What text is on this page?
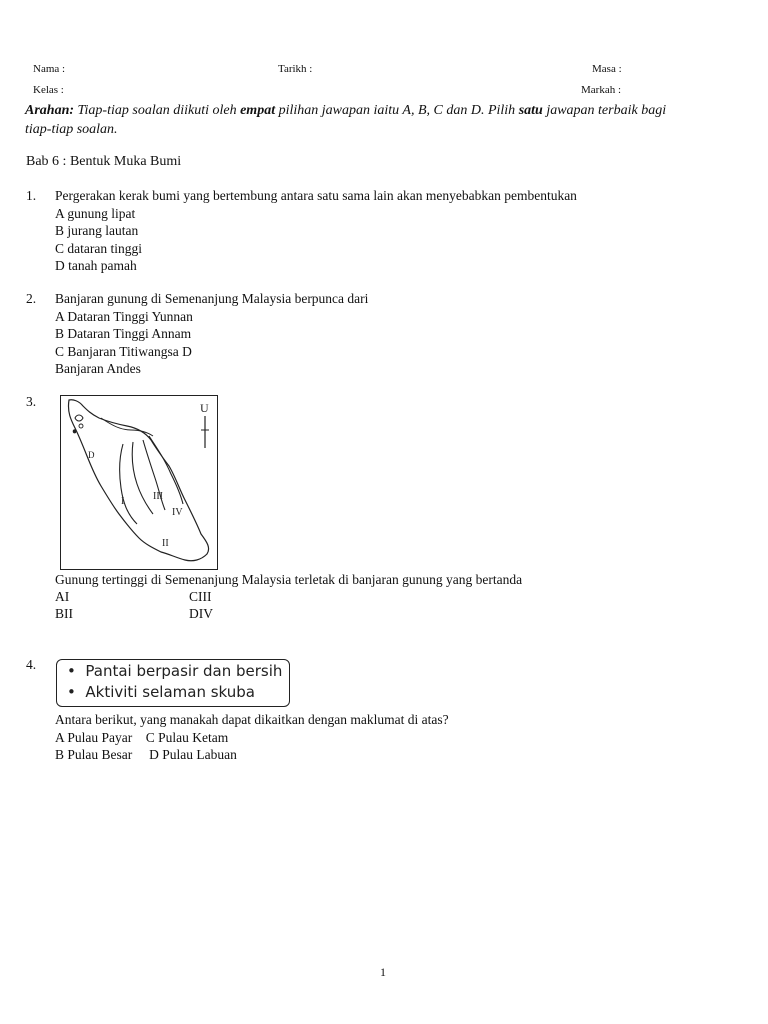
Nama :	Tarikh :	Masa :
Kelas :	Markah :
Arahan: Tiap-tiap soalan diikuti oleh empat pilihan jawapan iaitu A, B, C dan D. Pilih satu jawapan terbaik bagi
tiap-tiap soalan.
Bab 6 : Bentuk Muka Bumi
1. Pergerakan kerak bumi yang bertembung antara satu sama lain akan menyebabkan pembentukan
A gunung lipat
B jurang lautan
C dataran tinggi
D tanah pamah
2. Banjaran gunung di Semenanjung Malaysia berpunca dari
A Dataran Tinggi Yunnan
B Dataran Tinggi Annam
C Banjaran Titiwangsa D
Banjaran Andes
3.	U
I
II
III
IV
D
Gunung tertinggi di Semenanjung Malaysia terletak di banjaran gunung yang bertanda
AI	CIII
BII	DIV
4. •  Pantai berpasir dan bersih
•  Aktiviti selaman skuba
Antara berikut, yang manakah dapat dikaitkan dengan maklumat di atas?
A Pulau Payar    C Pulau Ketam
B Pulau Besar     D Pulau Labuan
1
